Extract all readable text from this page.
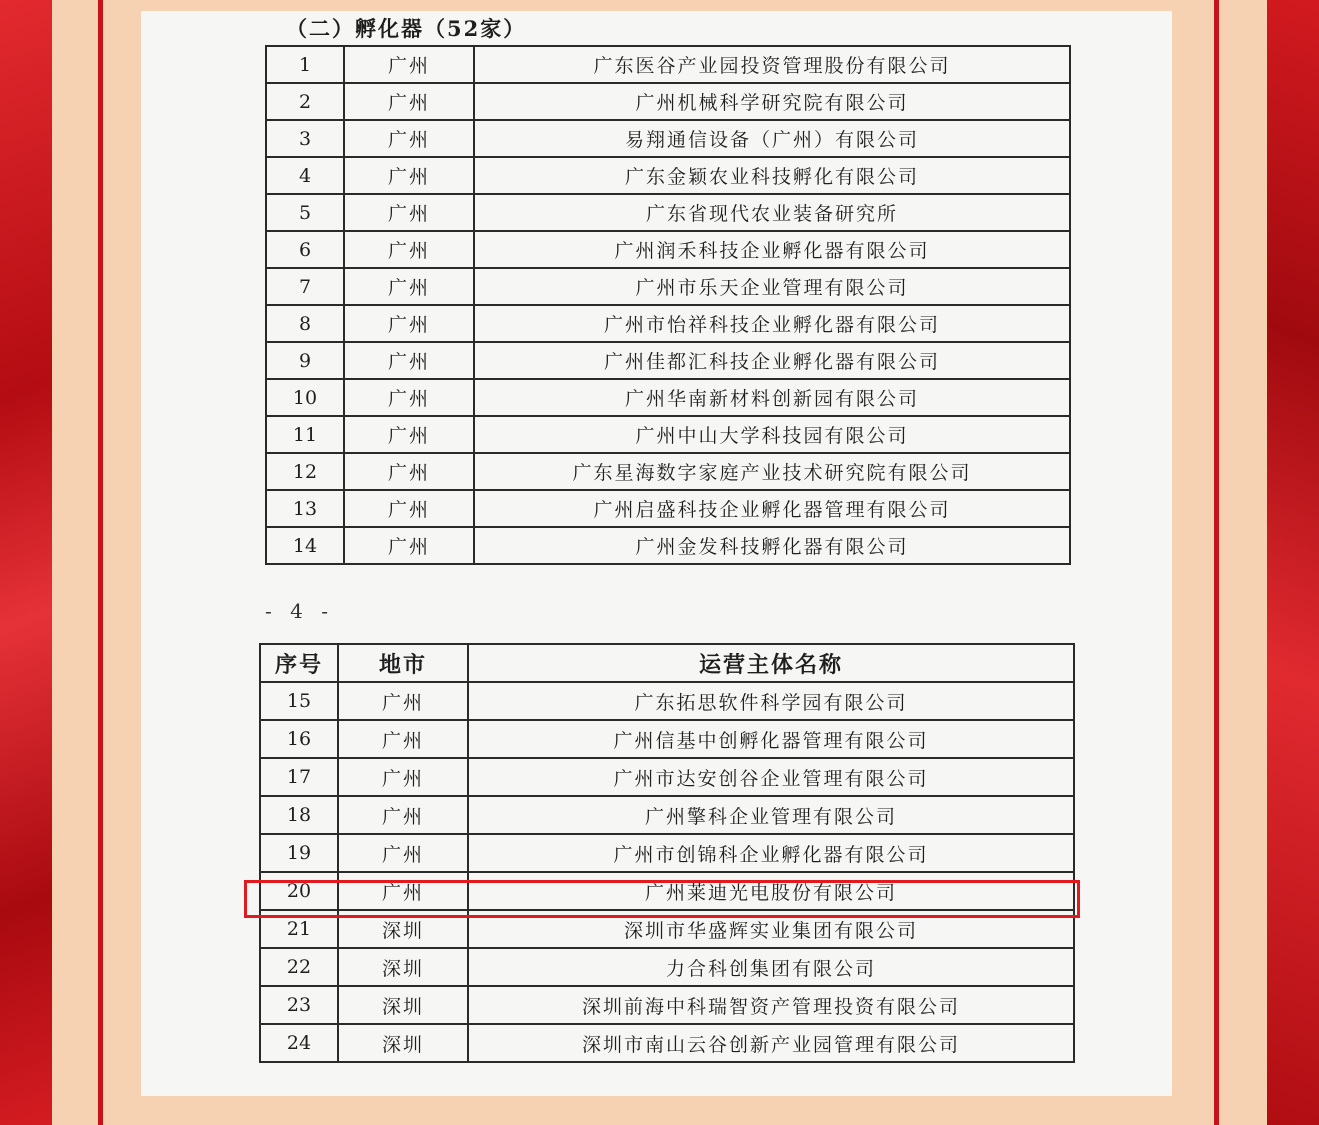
（二）孵化器（52家）		
1	广州	广东医谷产业园投资管理股份有限公司
2	广州	广州机械科学研究院有限公司
3	广州	易翔通信设备（广州）有限公司
4	广州	广东金颖农业科技孵化有限公司
5	广州	广东省现代农业装备研究所
6	广州	广州润禾科技企业孵化器有限公司
7	广州	广州市乐天企业管理有限公司
8	广州	广州市怡祥科技企业孵化器有限公司
9	广州	广州佳都汇科技企业孵化器有限公司
10	广州	广州华南新材料创新园有限公司
11	广州	广州中山大学科技园有限公司
12	广州	广东星海数字家庭产业技术研究院有限公司
13	广州	广州启盛科技企业孵化器管理有限公司
14	广州	广州金发科技孵化器有限公司
- 4 -
序号	地市	运营主体名称
15	广州	广东拓思软件科学园有限公司
16	广州	广州信基中创孵化器管理有限公司
17	广州	广州市达安创谷企业管理有限公司
18	广州	广州擎科企业管理有限公司
19	广州	广州市创锦科企业孵化器有限公司
20	广州	广州莱迪光电股份有限公司
21	深圳	深圳市华盛辉实业集团有限公司
22	深圳	力合科创集团有限公司
23	深圳	深圳前海中科瑞智资产管理投资有限公司
24	深圳	深圳市南山云谷创新产业园管理有限公司
